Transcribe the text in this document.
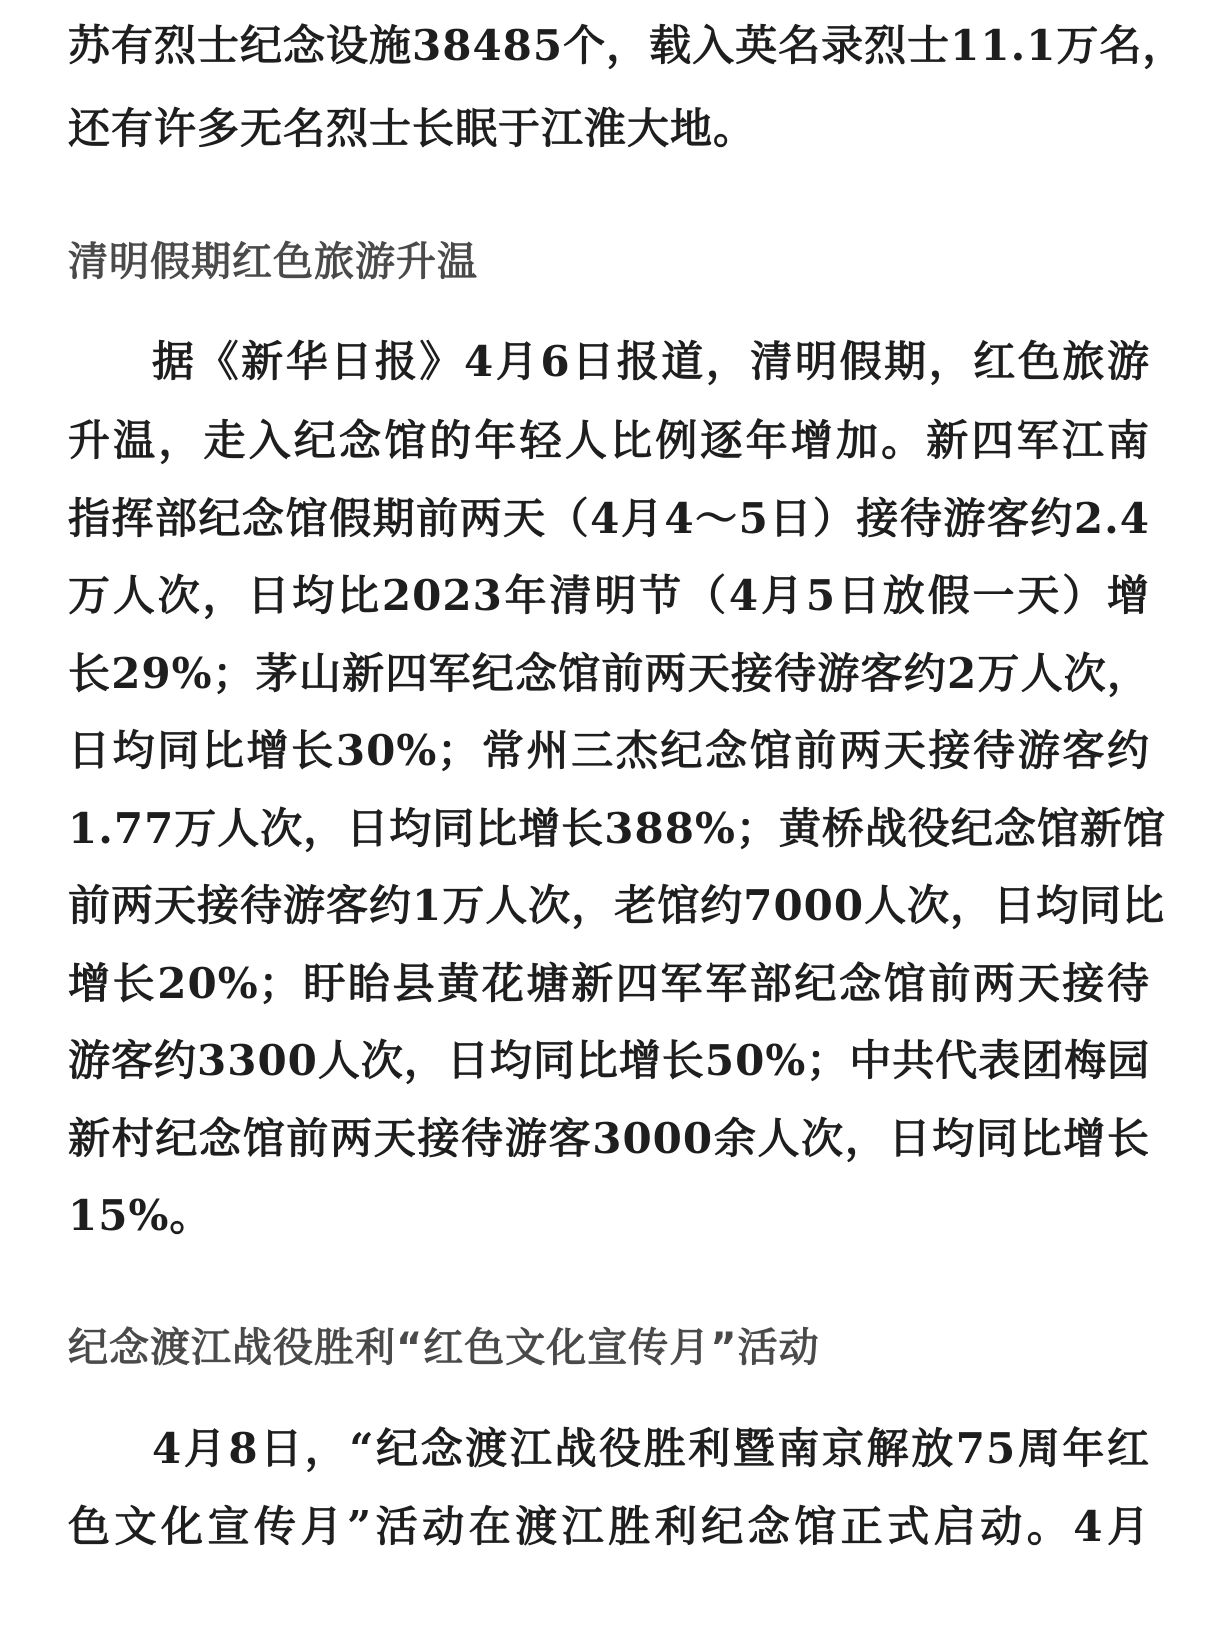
苏有烈士纪念设施38485个，载入英名录烈士11.1万名，
还有许多无名烈士长眠于江淮大地。
清明假期红色旅游升温
据《新华日报》4月6日报道，清明假期，红色旅游
升温，走入纪念馆的年轻人比例逐年增加。新四军江南
指挥部纪念馆假期前两天（4月4～5日）接待游客约2.4
万人次，日均比2023年清明节（4月5日放假一天）增
长29%；茅山新四军纪念馆前两天接待游客约2万人次，
日均同比增长30%；常州三杰纪念馆前两天接待游客约
1.77万人次，日均同比增长388%；黄桥战役纪念馆新馆
前两天接待游客约1万人次，老馆约7000人次，日均同比
增长20%；盱眙县黄花塘新四军军部纪念馆前两天接待
游客约3300人次，日均同比增长50%；中共代表团梅园
新村纪念馆前两天接待游客3000余人次，日均同比增长
15%。
纪念渡江战役胜利“红色文化宣传月”活动
4月8日，“纪念渡江战役胜利暨南京解放75周年红
色文化宣传月”活动在渡江胜利纪念馆正式启动。4月
